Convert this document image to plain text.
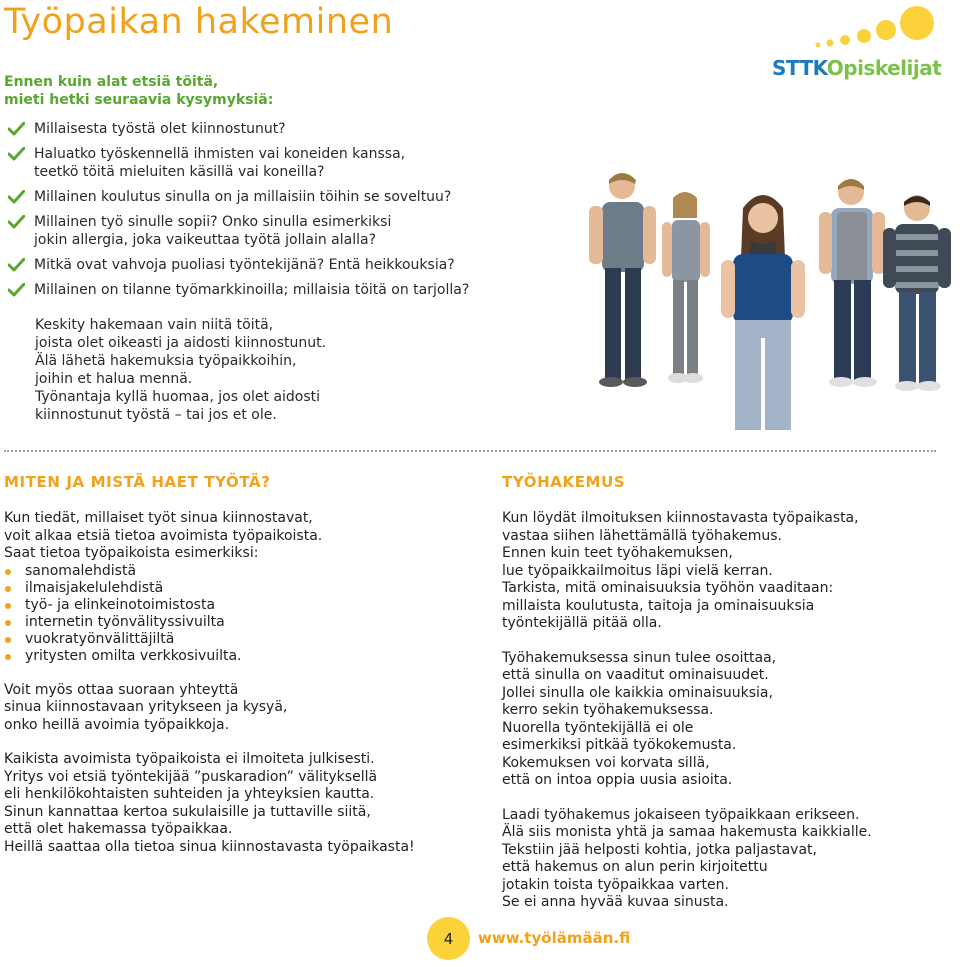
Työpaikan hakeminen
Ennen kuin alat etsiä töitä,
mieti hetki seuraavia kysymyksiä:
Millaisesta työstä olet kiinnostunut?
Haluatko työskennellä ihmisten vai koneiden kanssa,
teetkö töitä mieluiten käsillä vai koneilla?
Millainen koulutus sinulla on ja millaisiin töihin se soveltuu?
Millainen työ sinulle sopii? Onko sinulla esimerkiksi
jokin allergia, joka vaikeuttaa työtä jollain alalla?
Mitkä ovat vahvoja puoliasi työntekijänä? Entä heikkouksia?
Millainen on tilanne työmarkkinoilla; millaisia töitä on tarjolla?
Keskity hakemaan vain niitä töitä,
joista olet oikeasti ja aidosti kiinnostunut.
Älä lähetä hakemuksia työpaikkoihin,
joihin et halua mennä.
Työnantaja kyllä huomaa, jos olet aidosti
kiinnostunut työstä – tai jos et ole.
STTKOpiskelijat
MITEN JA MISTÄ HAET TYÖTÄ?

Kun tiedät, millaiset työt sinua kiinnostavat,
voit alkaa etsiä tietoa avoimista työpaikoista.
Saat tietoa työpaikoista esimerkiksi:

sanomalehdistä
ilmaisjakelulehdistä
työ- ja elinkeinotoimistosta
internetin työnvälityssivuilta
vuokratyönvälittäjiltä
yritysten omilta verkkosivuilta.

Voit myös ottaa suoraan yhteyttä
sinua kiinnostavaan yritykseen ja kysyä,
onko heillä avoimia työpaikkoja.

Kaikista avoimista työpaikoista ei ilmoiteta julkisesti.
Yritys voi etsiä työntekijää ”puskaradion” välityksellä
eli henkilökohtaisten suhteiden ja yhteyksien kautta.
Sinun kannattaa kertoa sukulaisille ja tuttaville siitä,
että olet hakemassa työpaikkaa.
Heillä saattaa olla tietoa sinua kiinnostavasta työpaikasta!

TYÖHAKEMUS

Kun löydät ilmoituksen kiinnostavasta työpaikasta,
vastaa siihen lähettämällä työhakemus.
Ennen kuin teet työhakemuksen,
lue työpaikkailmoitus läpi vielä kerran.
Tarkista, mitä ominaisuuksia työhön vaaditaan:
millaista koulutusta, taitoja ja ominaisuuksia
työntekijällä pitää olla.

Työhakemuksessa sinun tulee osoittaa,
että sinulla on vaaditut ominaisuudet.
Jollei sinulla ole kaikkia ominaisuuksia,
kerro sekin työhakemuksessa.
Nuorella työntekijällä ei ole
esimerkiksi pitkää työkokemusta.
Kokemuksen voi korvata sillä,
että on intoa oppia uusia asioita.

Laadi työhakemus jokaiseen työpaikkaan erikseen.
Älä siis monista yhtä ja samaa hakemusta kaikkialle.
Tekstiin jää helposti kohtia, jotka paljastavat,
että hakemus on alun perin kirjoitettu
jotakin toista työpaikkaa varten.
Se ei anna hyvää kuvaa sinusta.

4	www.työlämään.fi
